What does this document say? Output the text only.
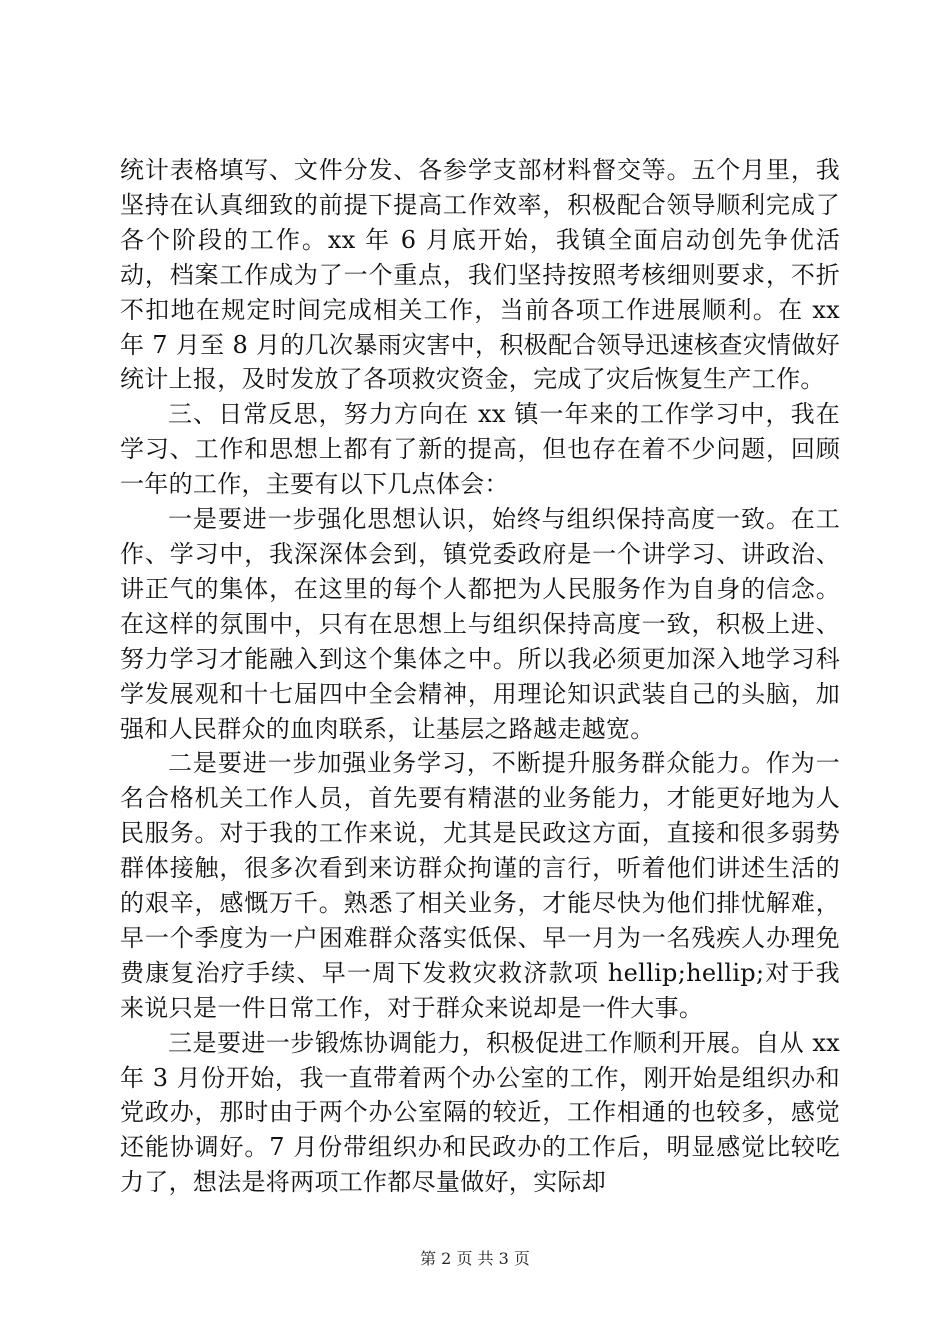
统计表格填写、文件分发、各参学支部材料督交等。五个月里，我坚持在认真细致的前提下提高工作效率，积极配合领导顺利完成了各个阶段的工作。xx 年 6 月底开始，我镇全面启动创先争优活动，档案工作成为了一个重点，我们坚持按照考核细则要求，不折不扣地在规定时间完成相关工作，当前各项工作进展顺利。在 xx 年 7 月至 8 月的几次暴雨灾害中，积极配合领导迅速核查灾情做好统计上报，及时发放了各项救灾资金，完成了灾后恢复生产工作。

三、日常反思，努力方向在 xx 镇一年来的工作学习中，我在学习、工作和思想上都有了新的提高，但也存在着不少问题，回顾一年的工作，主要有以下几点体会：

一是要进一步强化思想认识，始终与组织保持高度一致。在工作、学习中，我深深体会到，镇党委政府是一个讲学习、讲政治、讲正气的集体，在这里的每个人都把为人民服务作为自身的信念。在这样的氛围中，只有在思想上与组织保持高度一致，积极上进、努力学习才能融入到这个集体之中。所以我必须更加深入地学习科学发展观和十七届四中全会精神，用理论知识武装自己的头脑，加强和人民群众的血肉联系，让基层之路越走越宽。

二是要进一步加强业务学习，不断提升服务群众能力。作为一名合格机关工作人员，首先要有精湛的业务能力，才能更好地为人民服务。对于我的工作来说，尤其是民政这方面，直接和很多弱势群体接触，很多次看到来访群众拘谨的言行，听着他们讲述生活的的艰辛，感慨万千。熟悉了相关业务，才能尽快为他们排忧解难，早一个季度为一户困难群众落实低保、早一月为一名残疾人办理免费康复治疗手续、早一周下发救灾救济款项 hellip;hellip;对于我来说只是一件日常工作，对于群众来说却是一件大事。

三是要进一步锻炼协调能力，积极促进工作顺利开展。自从 xx 年 3 月份开始，我一直带着两个办公室的工作，刚开始是组织办和党政办，那时由于两个办公室隔的较近，工作相通的也较多，感觉还能协调好。7 月份带组织办和民政办的工作后，明显感觉比较吃力了，想法是将两项工作都尽量做好，实际却

第 2 页 共 3 页
